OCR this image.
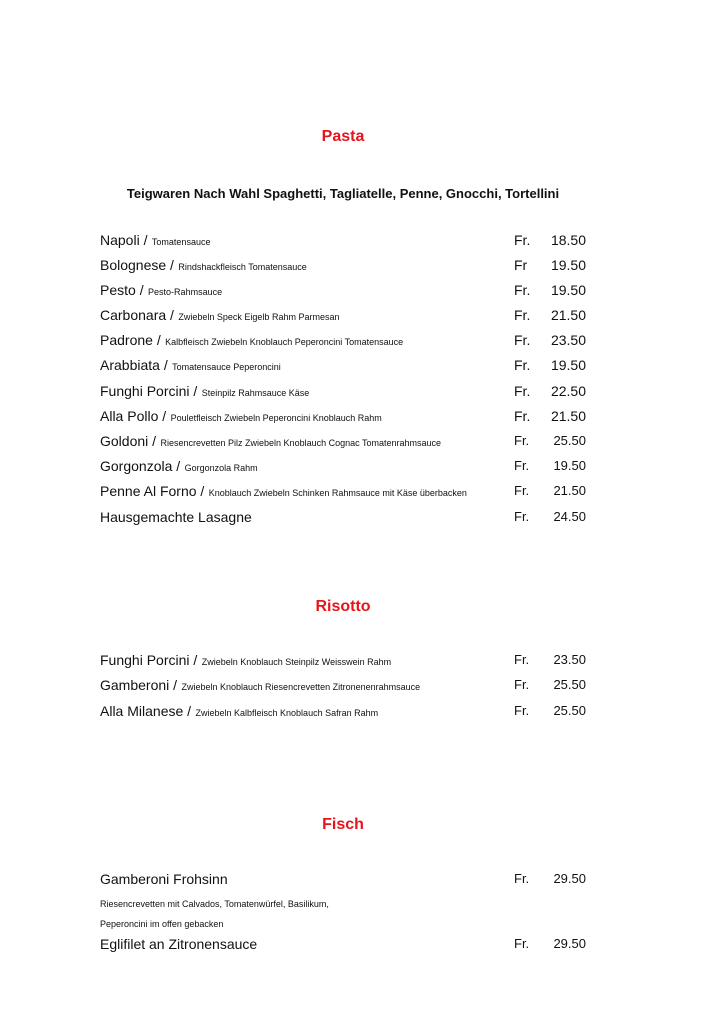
Pasta

Teigwaren Nach Wahl Spaghetti, Tagliatelle, Penne, Gnocchi, Tortellini

Napoli / Tomatensauce	Fr. 18.50
Bolognese / Rindshackfleisch Tomatensauce	Fr 19.50
Pesto / Pesto-Rahmsauce	Fr. 19.50
Carbonara / Zwiebeln Speck Eigelb Rahm Parmesan	Fr. 21.50
Padrone / Kalbfleisch Zwiebeln Knoblauch Peperoncini Tomatensauce	Fr. 23.50
Arabbiata / Tomatensauce Peperoncini	Fr. 19.50
Funghi Porcini / Steinpilz Rahmsauce Käse	Fr. 22.50
Alla Pollo / Pouletfleisch Zwiebeln Peperoncini Knoblauch Rahm	Fr. 21.50
Goldoni / Riesencrevetten Pilz Zwiebeln Knoblauch Cognac Tomatenrahmsauce	Fr. 25.50
Gorgonzola / Gorgonzola Rahm	Fr. 19.50
Penne Al Forno / Knoblauch Zwiebeln Schinken Rahmsauce mit Käse überbacken	Fr. 21.50
Hausgemachte Lasagne	Fr. 24.50
Risotto
Funghi Porcini / Zwiebeln Knoblauch Steinpilz Weisswein Rahm	Fr. 23.50
Gamberoni / Zwiebeln Knoblauch Riesencrevetten Zitronenenrahmsauce	Fr. 25.50
Alla Milanese / Zwiebeln Kalbfleisch Knoblauch Safran Rahm	Fr. 25.50
Fisch
Gamberoni Frohsinn	Fr. 29.50
Riesencrevetten mit Calvados, Tomatenwürfel, Basilikum,
Peperoncini im offen gebacken
Eglifilet an Zitronensauce	Fr. 29.50
